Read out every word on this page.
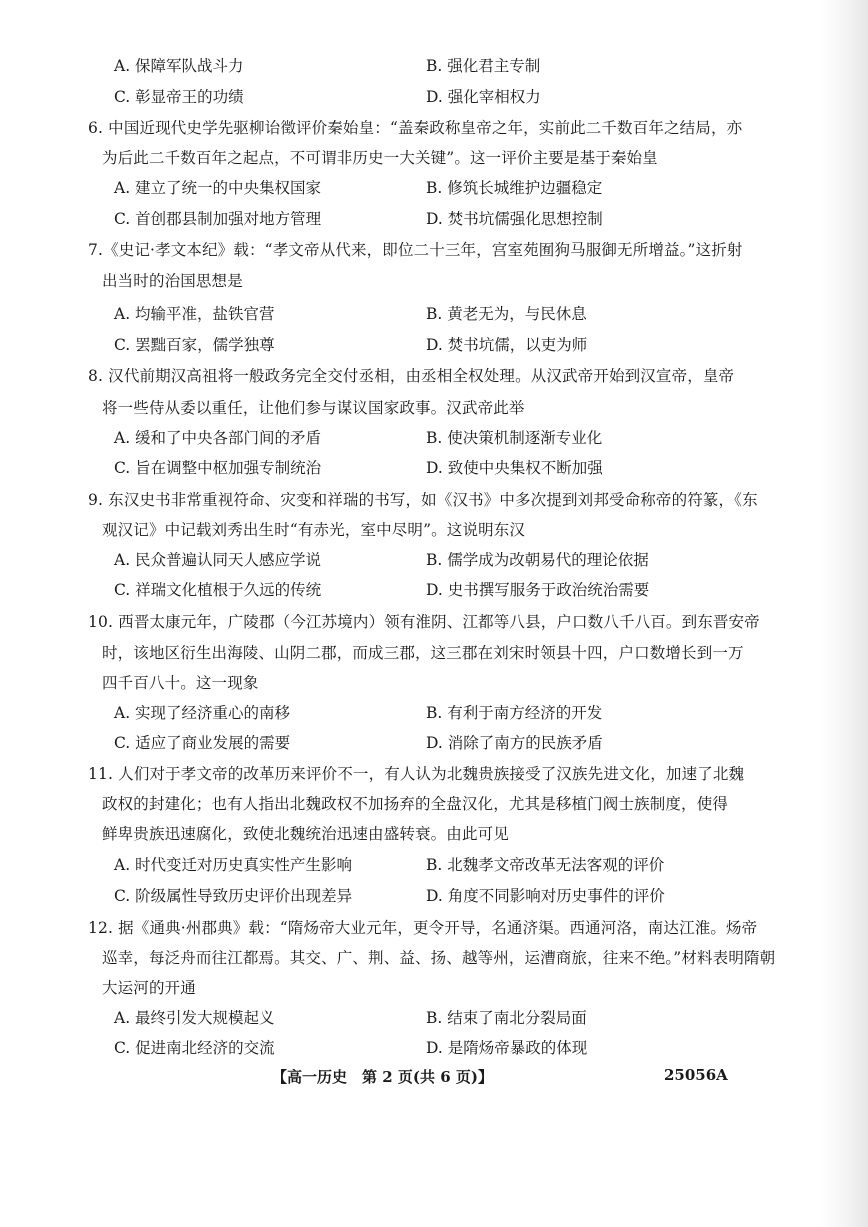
A. 保障军队战斗力	B. 强化君主专制
C. 彰显帝王的功绩	D. 强化宰相权力
6. 中国近现代史学先驱柳诒徵评价秦始皇：“盖秦政称皇帝之年，实前此二千数百年之结局，亦
为后此二千数百年之起点，不可谓非历史一大关键”。这一评价主要是基于秦始皇
A. 建立了统一的中央集权国家	B. 修筑长城维护边疆稳定
C. 首创郡县制加强对地方管理	D. 焚书坑儒强化思想控制
7.《史记·孝文本纪》载：“孝文帝从代来，即位二十三年，宫室苑囿狗马服御无所增益。”这折射
出当时的治国思想是
A. 均输平准，盐铁官营	B. 黄老无为，与民休息
C. 罢黜百家，儒学独尊	D. 焚书坑儒，以吏为师
8. 汉代前期汉高祖将一般政务完全交付丞相，由丞相全权处理。从汉武帝开始到汉宣帝，皇帝
将一些侍从委以重任，让他们参与谋议国家政事。汉武帝此举
A. 缓和了中央各部门间的矛盾	B. 使决策机制逐渐专业化
C. 旨在调整中枢加强专制统治	D. 致使中央集权不断加强
9. 东汉史书非常重视符命、灾变和祥瑞的书写，如《汉书》中多次提到刘邦受命称帝的符篆，《东
观汉记》中记载刘秀出生时“有赤光，室中尽明”。这说明东汉
A. 民众普遍认同天人感应学说	B. 儒学成为改朝易代的理论依据
C. 祥瑞文化植根于久远的传统	D. 史书撰写服务于政治统治需要
10. 西晋太康元年，广陵郡（今江苏境内）领有淮阴、江都等八县，户口数八千八百。到东晋安帝
时，该地区衍生出海陵、山阴二郡，而成三郡，这三郡在刘宋时领县十四，户口数增长到一万
四千百八十。这一现象
A. 实现了经济重心的南移	B. 有利于南方经济的开发
C. 适应了商业发展的需要	D. 消除了南方的民族矛盾
11. 人们对于孝文帝的改革历来评价不一，有人认为北魏贵族接受了汉族先进文化，加速了北魏
政权的封建化；也有人指出北魏政权不加扬弃的全盘汉化，尤其是移植门阀士族制度，使得
鲜卑贵族迅速腐化，致使北魏统治迅速由盛转衰。由此可见
A. 时代变迁对历史真实性产生影响	B. 北魏孝文帝改革无法客观的评价
C. 阶级属性导致历史评价出现差异	D. 角度不同影响对历史事件的评价
12. 据《通典·州郡典》载：“隋炀帝大业元年，更令开导，名通济渠。西通河洛，南达江淮。炀帝
巡幸，每泛舟而往江都焉。其交、广、荆、益、扬、越等州，运漕商旅，往来不绝。”材料表明隋朝
大运河的开通
A. 最终引发大规模起义	B. 结束了南北分裂局面
C. 促进南北经济的交流	D. 是隋炀帝暴政的体现
【高一历史　第 2 页(共 6 页)】	25056A
